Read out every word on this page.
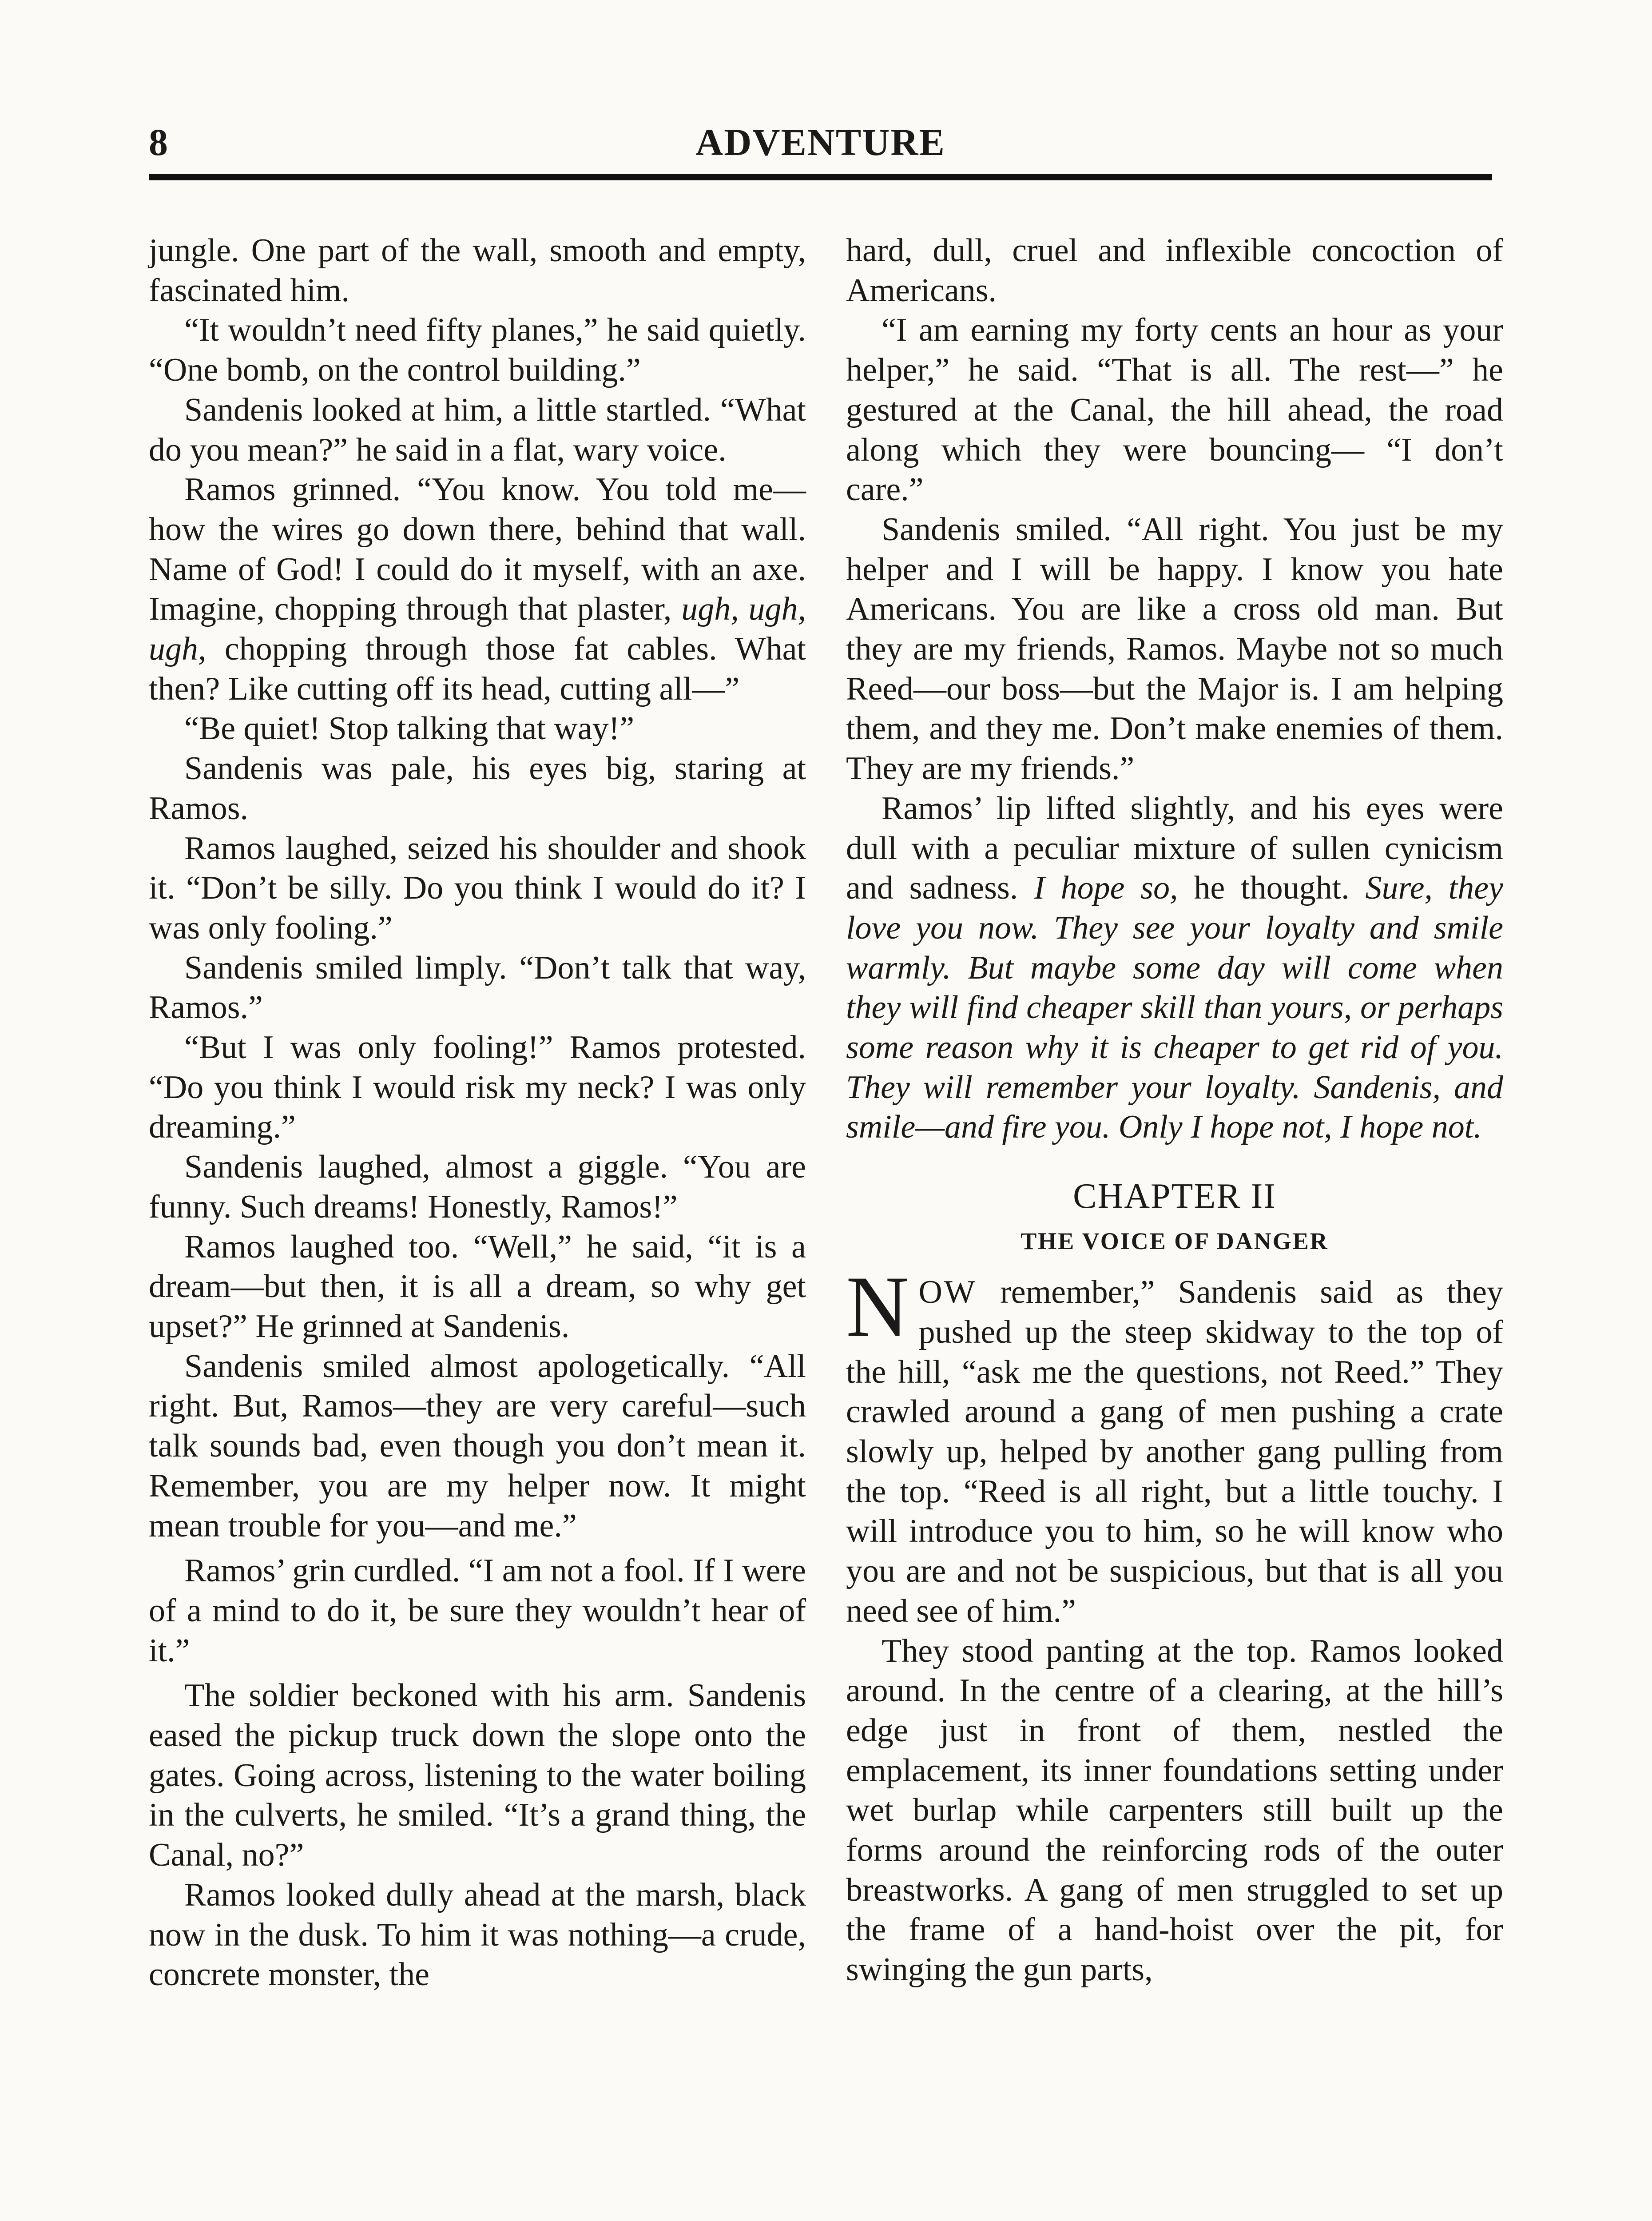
8	ADVENTURE

jungle. One part of the wall, smooth and empty, fascinated him.

“It wouldn’t need fifty planes,” he said quietly. “One bomb, on the control building.”

Sandenis looked at him, a little startled. “What do you mean?” he said in a flat, wary voice.

Ramos grinned. “You know. You told me—how the wires go down there, behind that wall. Name of God! I could do it myself, with an axe. Imagine, chopping through that plaster, ugh, ugh, ugh, chopping through those fat cables. What then? Like cutting off its head, cutting all—”

“Be quiet! Stop talking that way!”

Sandenis was pale, his eyes big, staring at Ramos.

Ramos laughed, seized his shoulder and shook it. “Don’t be silly. Do you think I would do it? I was only fooling.”

Sandenis smiled limply. “Don’t talk that way, Ramos.”

“But I was only fooling!” Ramos protested. “Do you think I would risk my neck? I was only dreaming.”

Sandenis laughed, almost a giggle. “You are funny. Such dreams! Honestly, Ramos!”

Ramos laughed too. “Well,” he said, “it is a dream—but then, it is all a dream, so why get upset?” He grinned at Sandenis.

Sandenis smiled almost apologetically. “All right. But, Ramos—they are very careful—such talk sounds bad, even though you don’t mean it. Remember, you are my helper now. It might mean trouble for you—and me.”

Ramos’ grin curdled. “I am not a fool. If I were of a mind to do it, be sure they wouldn’t hear of it.”

The soldier beckoned with his arm. Sandenis eased the pickup truck down the slope onto the gates. Going across, listening to the water boiling in the culverts, he smiled. “It’s a grand thing, the Canal, no?”

Ramos looked dully ahead at the marsh, black now in the dusk. To him it was nothing—a crude, concrete monster, the

hard, dull, cruel and inflexible concoction of Americans.

“I am earning my forty cents an hour as your helper,” he said. “That is all. The rest—” he gestured at the Canal, the hill ahead, the road along which they were bouncing— “I don’t care.”

Sandenis smiled. “All right. You just be my helper and I will be happy. I know you hate Americans. You are like a cross old man. But they are my friends, Ramos. Maybe not so much Reed—our boss—but the Major is. I am helping them, and they me. Don’t make enemies of them. They are my friends.”

Ramos’ lip lifted slightly, and his eyes were dull with a peculiar mixture of sullen cynicism and sadness. I hope so, he thought. Sure, they love you now. They see your loyalty and smile warmly. But maybe some day will come when they will find cheaper skill than yours, or perhaps some reason why it is cheaper to get rid of you. They will remember your loyalty. Sandenis, and smile—and fire you. Only I hope not, I hope not.

CHAPTER II
THE VOICE OF DANGER

NOW remember,” Sandenis said as they pushed up the steep skidway to the top of the hill, “ask me the questions, not Reed.” They crawled around a gang of men pushing a crate slowly up, helped by another gang pulling from the top. “Reed is all right, but a little touchy. I will introduce you to him, so he will know who you are and not be suspicious, but that is all you need see of him.”

They stood panting at the top. Ramos looked around. In the centre of a clearing, at the hill’s edge just in front of them, nestled the emplacement, its inner foundations setting under wet burlap while carpenters still built up the forms around the reinforcing rods of the outer breastworks. A gang of men struggled to set up the frame of a hand-hoist over the pit, for swinging the gun parts,
